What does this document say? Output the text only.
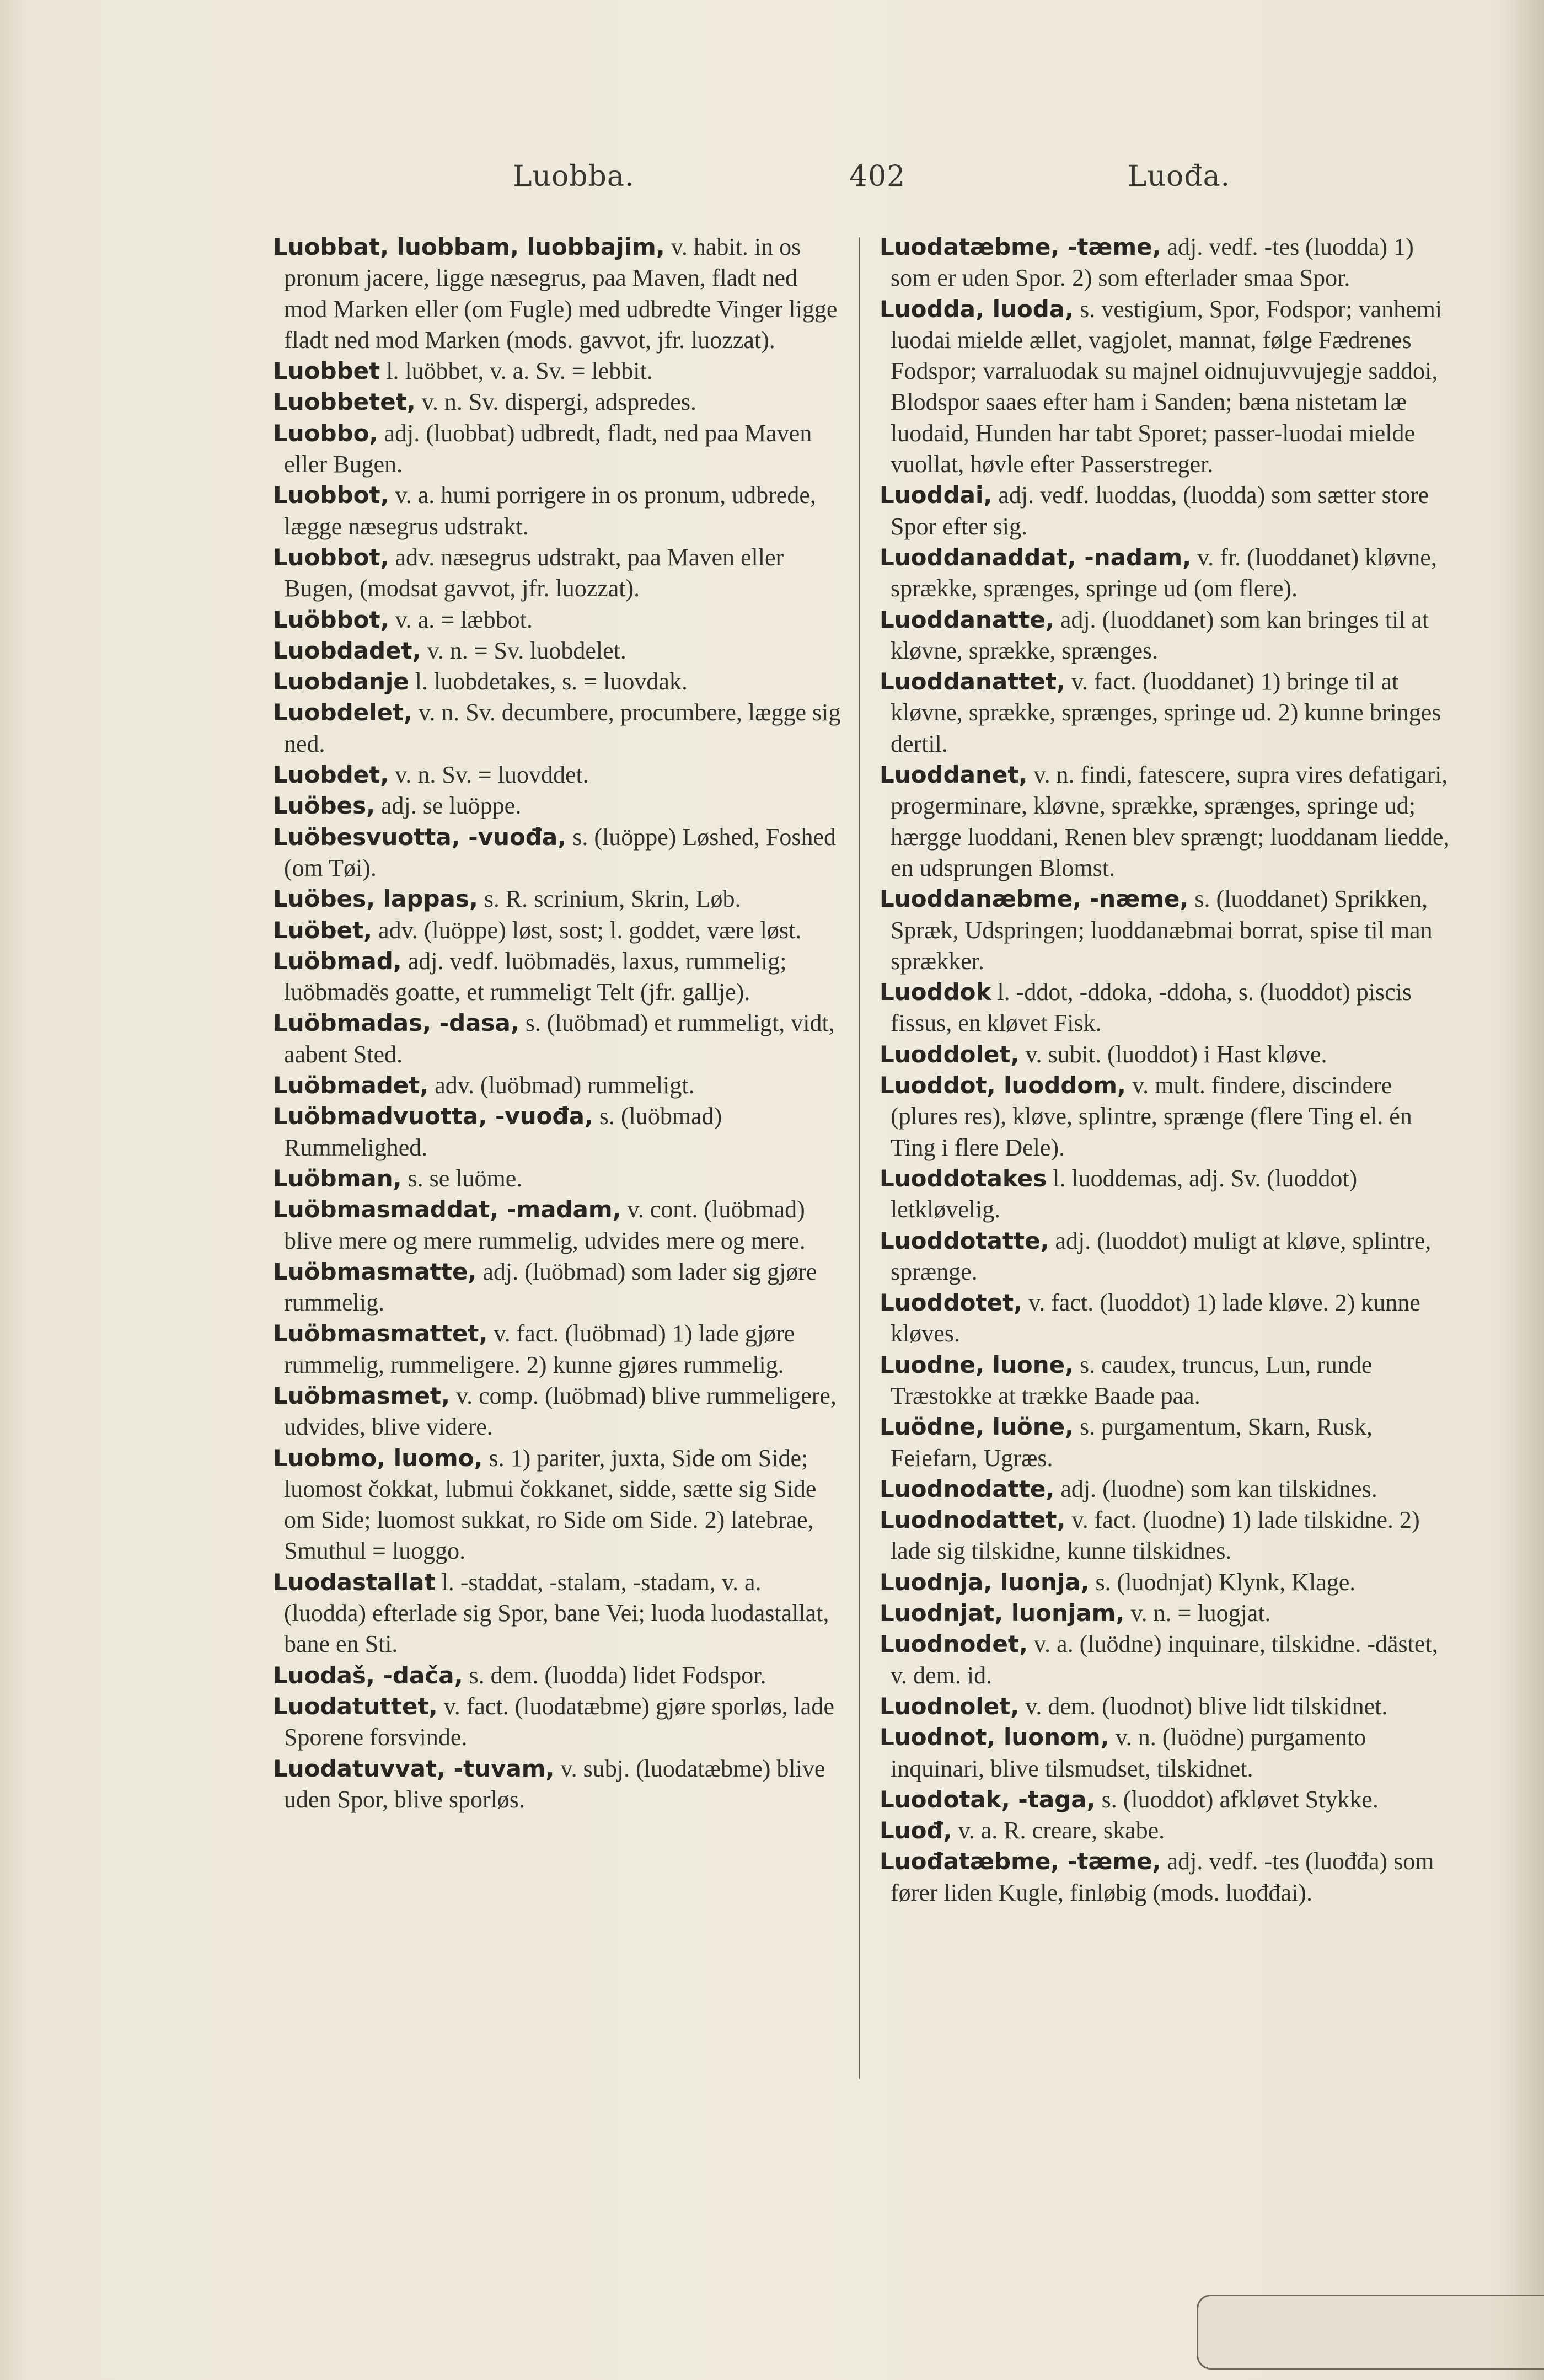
Luobba.	402	Luođa.
Luobbat, luobbam, luobbajim, v. habit. in os pronum jacere, ligge næsegrus, paa Maven, fladt ned mod Marken eller (om Fugle) med udbredte Vinger ligge fladt ned mod Marken (mods. gavvot, jfr. luozzat).
Luobbet l. luöbbet, v. a. Sv. = lebbit.
Luobbetet, v. n. Sv. dispergi, adspredes.
Luobbo, adj. (luobbat) udbredt, fladt, ned paa Maven eller Bugen.
Luobbot, v. a. humi porrigere in os pronum, udbrede, lægge næsegrus udstrakt.
Luobbot, adv. næsegrus udstrakt, paa Maven eller Bugen, (modsat gavvot, jfr. luozzat).
Luöbbot, v. a. = læbbot.
Luobdadet, v. n. = Sv. luobdelet.
Luobdanje l. luobdetakes, s. = luovdak.
Luobdelet, v. n. Sv. decumbere, procumbere, lægge sig ned.
Luobdet, v. n. Sv. = luovddet.
Luöbes, adj. se luöppe.
Luöbesvuotta, -vuođa, s. (luöppe) Løshed, Foshed (om Tøi).
Luöbes, lappas, s. R. scrinium, Skrin, Løb.
Luöbet, adv. (luöppe) løst, sost; l. goddet, være løst.
Luöbmad, adj. vedf. luöbmadës, laxus, rummelig; luöbmadës goatte, et rummeligt Telt (jfr. gallje).
Luöbmadas, -dasa, s. (luöbmad) et rummeligt, vidt, aabent Sted.
Luöbmadet, adv. (luöbmad) rummeligt.
Luöbmadvuotta, -vuođa, s. (luöbmad) Rummelighed.
Luöbman, s. se luöme.
Luöbmasmaddat, -madam, v. cont. (luöbmad) blive mere og mere rummelig, udvides mere og mere.
Luöbmasmatte, adj. (luöbmad) som lader sig gjøre rummelig.
Luöbmasmattet, v. fact. (luöbmad) 1) lade gjøre rummelig, rummeligere. 2) kunne gjøres rummelig.
Luöbmasmet, v. comp. (luöbmad) blive rummeligere, udvides, blive videre.
Luobmo, luomo, s. 1) pariter, juxta, Side om Side; luomost čokkat, lubmui čokkanet, sidde, sætte sig Side om Side; luomost sukkat, ro Side om Side. 2) latebrae, Smuthul = luoggo.
Luodastallat l. -staddat, -stalam, -stadam, v. a. (luodda) efterlade sig Spor, bane Vei; luoda luodastallat, bane en Sti.
Luodaš, -dača, s. dem. (luodda) lidet Fodspor.
Luodatuttet, v. fact. (luodatæbme) gjøre sporløs, lade Sporene forsvinde.
Luodatuvvat, -tuvam, v. subj. (luodatæbme) blive uden Spor, blive sporløs.
Luodatæbme, -tæme, adj. vedf. -tes (luodda) 1) som er uden Spor. 2) som efterlader smaa Spor.
Luodda, luoda, s. vestigium, Spor, Fodspor; vanhemi luodai mielde ællet, vagjolet, mannat, følge Fædrenes Fodspor; varraluodak su majnel oidnujuvvujegje saddoi, Blodspor saaes efter ham i Sanden; bæna nistetam læ luodaid, Hunden har tabt Sporet; passer-luodai mielde vuollat, høvle efter Passerstreger.
Luoddai, adj. vedf. luoddas, (luodda) som sætter store Spor efter sig.
Luoddanaddat, -nadam, v. fr. (luoddanet) kløvne, sprække, sprænges, springe ud (om flere).
Luoddanatte, adj. (luoddanet) som kan bringes til at kløvne, sprække, sprænges.
Luoddanattet, v. fact. (luoddanet) 1) bringe til at kløvne, sprække, sprænges, springe ud. 2) kunne bringes dertil.
Luoddanet, v. n. findi, fatescere, supra vires defatigari, progerminare, kløvne, sprække, sprænges, springe ud; hærgge luoddani, Renen blev sprængt; luoddanam liedde, en udsprungen Blomst.
Luoddanæbme, -næme, s. (luoddanet) Sprikken, Spræk, Udspringen; luoddanæbmai borrat, spise til man sprækker.
Luoddok l. -ddot, -ddoka, -ddoha, s. (luoddot) piscis fissus, en kløvet Fisk.
Luoddolet, v. subit. (luoddot) i Hast kløve.
Luoddot, luoddom, v. mult. findere, discindere (plures res), kløve, splintre, sprænge (flere Ting el. én Ting i flere Dele).
Luoddotakes l. luoddemas, adj. Sv. (luoddot) letkløvelig.
Luoddotatte, adj. (luoddot) muligt at kløve, splintre, sprænge.
Luoddotet, v. fact. (luoddot) 1) lade kløve. 2) kunne kløves.
Luodne, luone, s. caudex, truncus, Lun, runde Træstokke at trække Baade paa.
Luödne, luöne, s. purgamentum, Skarn, Rusk, Feiefarn, Ugræs.
Luodnodatte, adj. (luodne) som kan tilskidnes.
Luodnodattet, v. fact. (luodne) 1) lade tilskidne. 2) lade sig tilskidne, kunne tilskidnes.
Luodnja, luonja, s. (luodnjat) Klynk, Klage.
Luodnjat, luonjam, v. n. = luogjat.
Luodnodet, v. a. (luödne) inquinare, tilskidne. -dästet, v. dem. id.
Luodnolet, v. dem. (luodnot) blive lidt tilskidnet.
Luodnot, luonom, v. n. (luödne) purgamento inquinari, blive tilsmudset, tilskidnet.
Luodotak, -taga, s. (luoddot) afkløvet Stykke.
Luođ, v. a. R. creare, skabe.
Luođatæbme, -tæme, adj. vedf. -tes (luođđa) som fører liden Kugle, finløbig (mods. luođđai).
